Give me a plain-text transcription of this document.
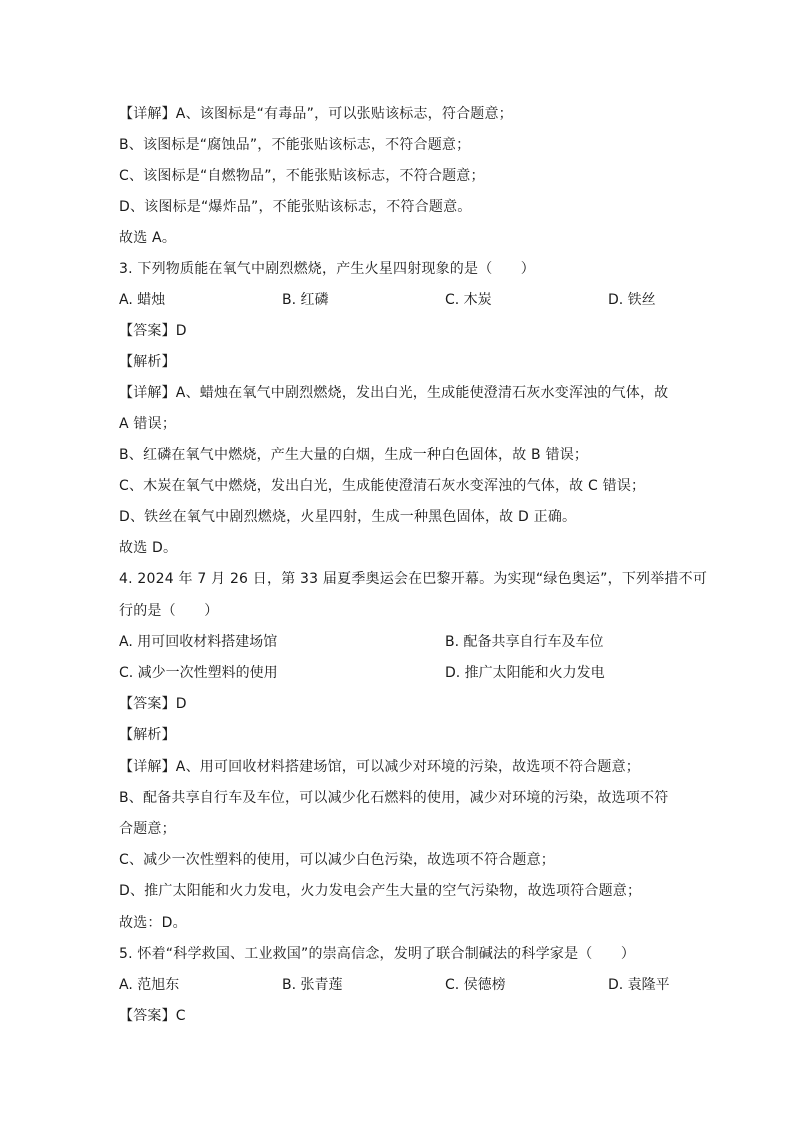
【详解】A、该图标是“有毒品”，可以张贴该标志，符合题意；
B、该图标是“腐蚀品”，不能张贴该标志，不符合题意；
C、该图标是“自燃物品”，不能张贴该标志，不符合题意；
D、该图标是“爆炸品”，不能张贴该标志，不符合题意。
故选 A。
3. 下列物质能在氧气中剧烈燃烧，产生火星四射现象的是（　　）
A. 蜡烛	B. 红磷	C. 木炭	D. 铁丝
【答案】D
【解析】
【详解】A、蜡烛在氧气中剧烈燃烧，发出白光，生成能使澄清石灰水变浑浊的气体，故
A 错误；
B、红磷在氧气中燃烧，产生大量的白烟，生成一种白色固体，故 B 错误；
C、木炭在氧气中燃烧，发出白光，生成能使澄清石灰水变浑浊的气体，故 C 错误；
D、铁丝在氧气中剧烈燃烧，火星四射，生成一种黑色固体，故 D 正确。
故选 D。
4. 2024 年 7 月 26 日，第 33 届夏季奥运会在巴黎开幕。为实现“绿色奥运”，下列举措不可
行的是（　　）
A. 用可回收材料搭建场馆	B. 配备共享自行车及车位
C. 减少一次性塑料的使用	D. 推广太阳能和火力发电
【答案】D
【解析】
【详解】A、用可回收材料搭建场馆，可以减少对环境的污染，故选项不符合题意；
B、配备共享自行车及车位，可以减少化石燃料的使用，减少对环境的污染，故选项不符
合题意；
C、减少一次性塑料的使用，可以减少白色污染，故选项不符合题意；
D、推广太阳能和火力发电，火力发电会产生大量的空气污染物，故选项符合题意；
故选：D。
5. 怀着“科学救国、工业救国”的崇高信念，发明了联合制碱法的科学家是（　　）
A. 范旭东	B. 张青莲	C. 侯德榜	D. 袁隆平
【答案】C
